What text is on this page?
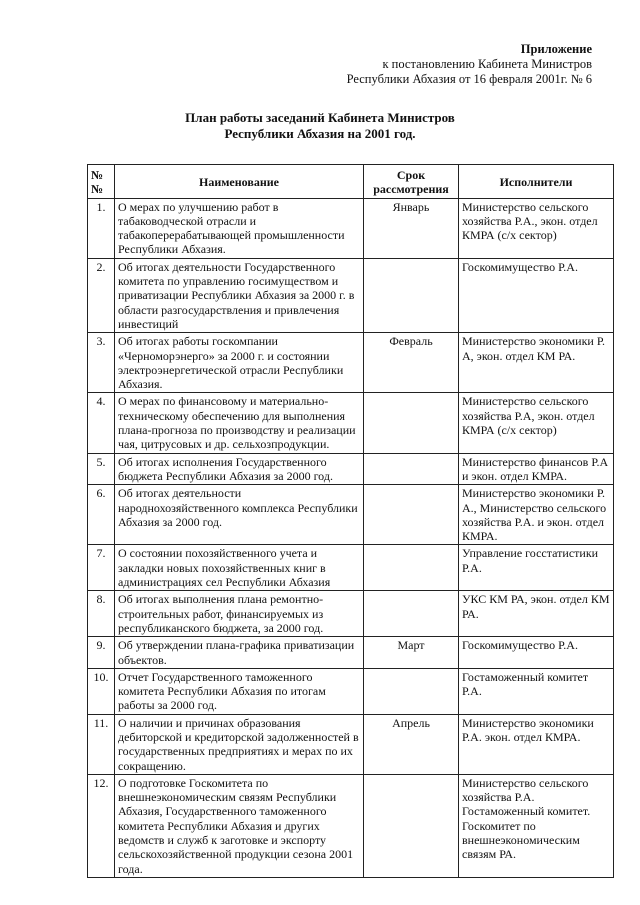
Приложение
к постановлению Кабинета Министров
Республики Абхазия от 16 февраля 2001г. № 6
План работы заседаний Кабинета Министров
Республики Абхазия на 2001 год.
№ №	Наименование	Срок рассмотрения	Исполнители
1.	О мерах по улучшению работ в табаководческой отрасли и табакоперерабатывающей промышленности Республики Абхазия.	Январь	Министерство сельского хозяйства Р.А., экон. отдел КМРА (с/х сектор)
2.	Об итогах деятельности Государственного комитета по управлению госимуществом и приватизации Республики Абхазия за 2000 г. в области разгосударствления и привлечения инвестиций		Госкомимущество Р.А.
3.	Об итогах работы госкомпании «Черноморэнерго» за 2000 г. и состоянии электроэнергетической отрасли Республики Абхазия.	Февраль	Министерство экономики Р. А, экон. отдел КМ РА.
4.	О мерах по финансовому и материально-техническому обеспечению для выполнения плана-прогноза по производству и реализации чая, цитрусовых и др. сельхозпродукции.		Министерство сельского хозяйства Р.А, экон. отдел КМРА (с/х сектор)
5.	Об итогах исполнения Государственного бюджета Республики Абхазия за 2000 год.		Министерство финансов Р.А и экон. отдел КМРА.
6.	Об итогах деятельности народнохозяйственного комплекса Республики Абхазия за 2000 год.		Министерство экономики Р. А., Министерство сельского хозяйства Р.А. и экон. отдел КМРА.
7.	О состоянии похозяйственного учета и закладки новых похозяйственных книг в администрациях сел Республики Абхазия		Управление госстатистики Р.А.
8.	Об итогах выполнения плана ремонтно-строительных работ, финансируемых из республиканского бюджета, за 2000 год.		УКС КМ РА, экон. отдел КМ РА.
9.	Об утверждении плана-графика приватизации объектов.	Март	Госкомимущество Р.А.
10.	Отчет Государственного таможенного комитета Республики Абхазия по итогам работы за 2000 год.		Гостаможенный комитет Р.А.
11.	О наличии и причинах образования дебиторской и кредиторской задолженностей в государственных предприятиях и мерах по их сокращению.	Апрель	Министерство экономики Р.А. экон. отдел КМРА.
12.	О подготовке Госкомитета по внешнеэкономическим связям Республики Абхазия, Государственного таможенного комитета Республики Абхазия и других ведомств и служб к заготовке и экспорту сельскохозяйственной продукции сезона 2001 года.		Министерство сельского хозяйства Р.А. Гостаможенный комитет. Госкомитет по внешнеэкономическим связям РА.
